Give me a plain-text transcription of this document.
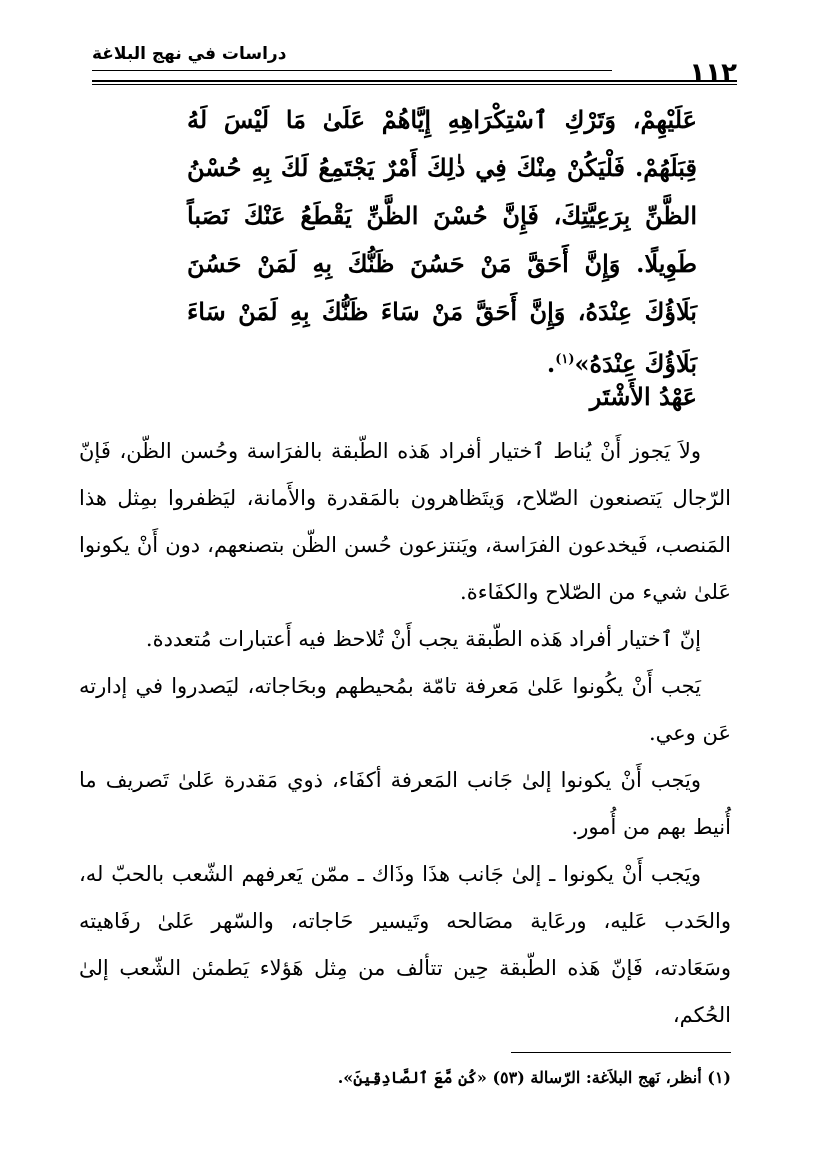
١١٢
دراسات في نهج البلاغة

عَلَيْهِمْ، وَتَرْكِ ٱسْتِكْرَاهِهِ إِيَّاهُمْ عَلَىٰ مَا لَيْسَ لَهُ قِبَلَهُمْ. فَلْيَكُنْ مِنْكَ فِي ذٰلِكَ أَمْرٌ يَجْتَمِعُ لَكَ بِهِ حُسْنُ الظَّنِّ بِرَعِيَّتِكَ، فَإِنَّ حُسْنَ الظَّنِّ يَقْطَعُ عَنْكَ نَصَباً طَوِيلًا. وَإِنَّ أَحَقَّ مَنْ حَسُنَ ظَنُّكَ بِهِ لَمَنْ حَسُنَ بَلَاؤُكَ عِنْدَهُ، وَإِنَّ أَحَقَّ مَنْ سَاءَ ظَنُّكَ بِهِ لَمَنْ سَاءَ بَلَاؤُكَ عِنْدَهُ»$^{(١)}$.

عَهْدُ الأَشْتَر

ولاَ يَجوز أَنْ يُناط ٱختيار أفراد هَذه الطّبقة بالفرَاسة وحُسن الظّن، فَإنّ الرّجال يَتصنعون الصّلاح، وَيتَظاهرون بالمَقدرة والأَمانة، ليَظفروا بمِثل هذا المَنصب، فَيخدعون الفرَاسة، ويَنتزعون حُسن الظّن بتصنعهم، دون أَنْ يكونوا عَلىٰ شيء من الصّلاح والكفَاءة.

إنّ ٱختيار أفراد هَذه الطّبقة يجب أَنْ تُلاحظ فيه أَعتبارات مُتعددة.

يَجب أَنْ يكُونوا عَلىٰ مَعرفة تامّة بمُحيطهم وبحَاجاته، ليَصدروا في إدارته عَن وعي.

ويَجب أَنْ يكونوا إلىٰ جَانب المَعرفة أكفَاء، ذوي مَقدرة عَلىٰ تَصريف ما أُنيط بهم من أُمور.

ويَجب أَنْ يكونوا ـ إلىٰ جَانب هذَا وذَاك ـ ممّن يَعرفهم الشّعب بالحبّ له، والحَدب عَليه، ورعَاية مصَالحه وتَيسير حَاجاته، والسّهر عَلىٰ رفَاهيته وسَعَادته، فَإنّ هَذه الطّبقة حِين تتألف من مِثل هَؤلاء يَطمئن الشّعب إلىٰ الحُكم،

(١) أنظر، نَهج البلاَغة: الرّسالة (٥٣) «كُن مَّعَ ٱلصَّادِقِينَ».
